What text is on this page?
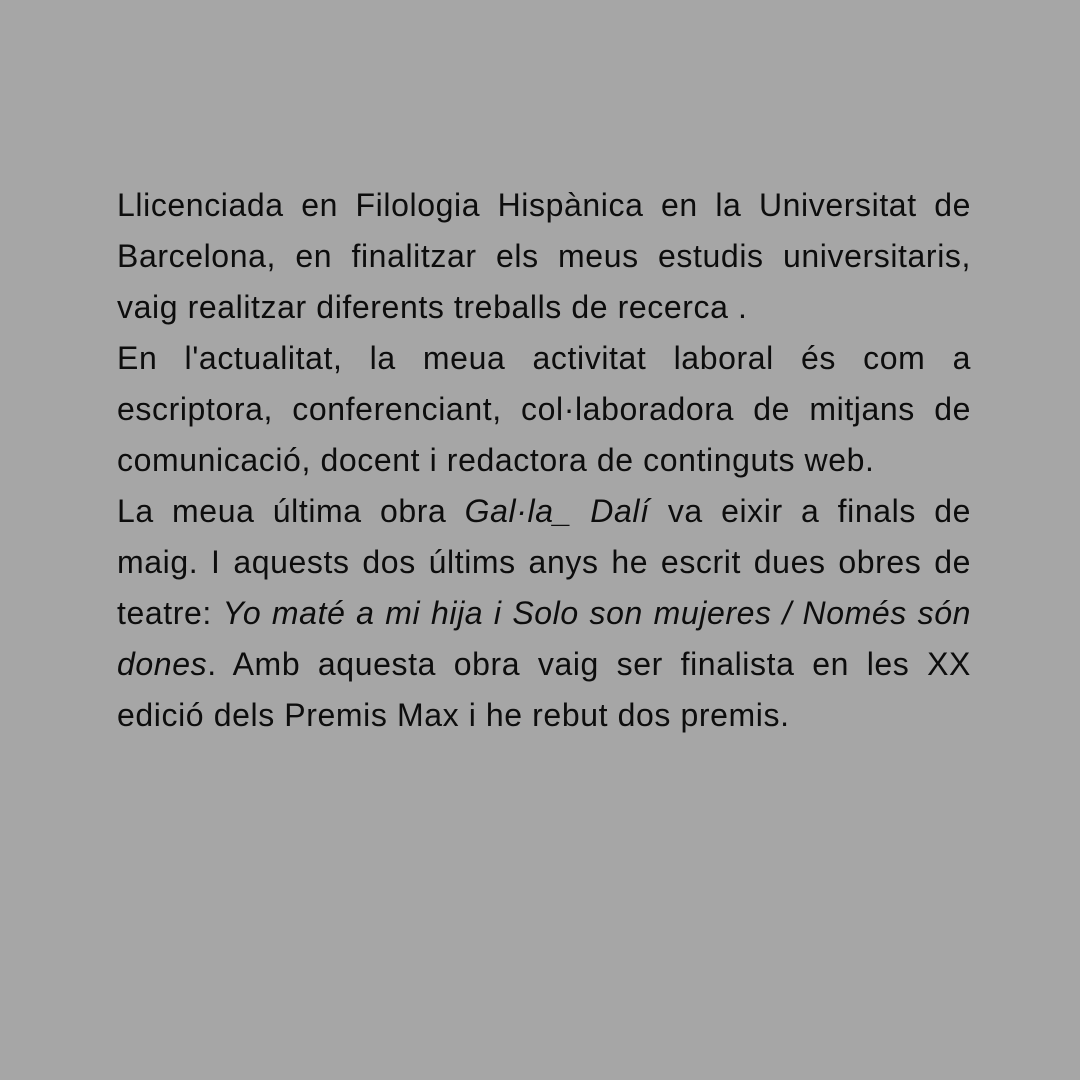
Llicenciada en Filologia Hispànica en la Universitat de Barcelona, en finalitzar els meus estudis universitaris, vaig realitzar diferents treballs de recerca .

En l'actualitat, la meua activitat laboral és com a escriptora, conferenciant, col·laboradora de mitjans de comunicació, docent i redactora de continguts web.

La meua última obra Gal·la_ Dalí va eixir a finals de maig. I aquests dos últims anys he escrit dues obres de teatre: Yo maté a mi hija i Solo son mujeres / Només són dones. Amb aquesta obra vaig ser finalista en les XX edició dels Premis Max i he rebut dos premis.
